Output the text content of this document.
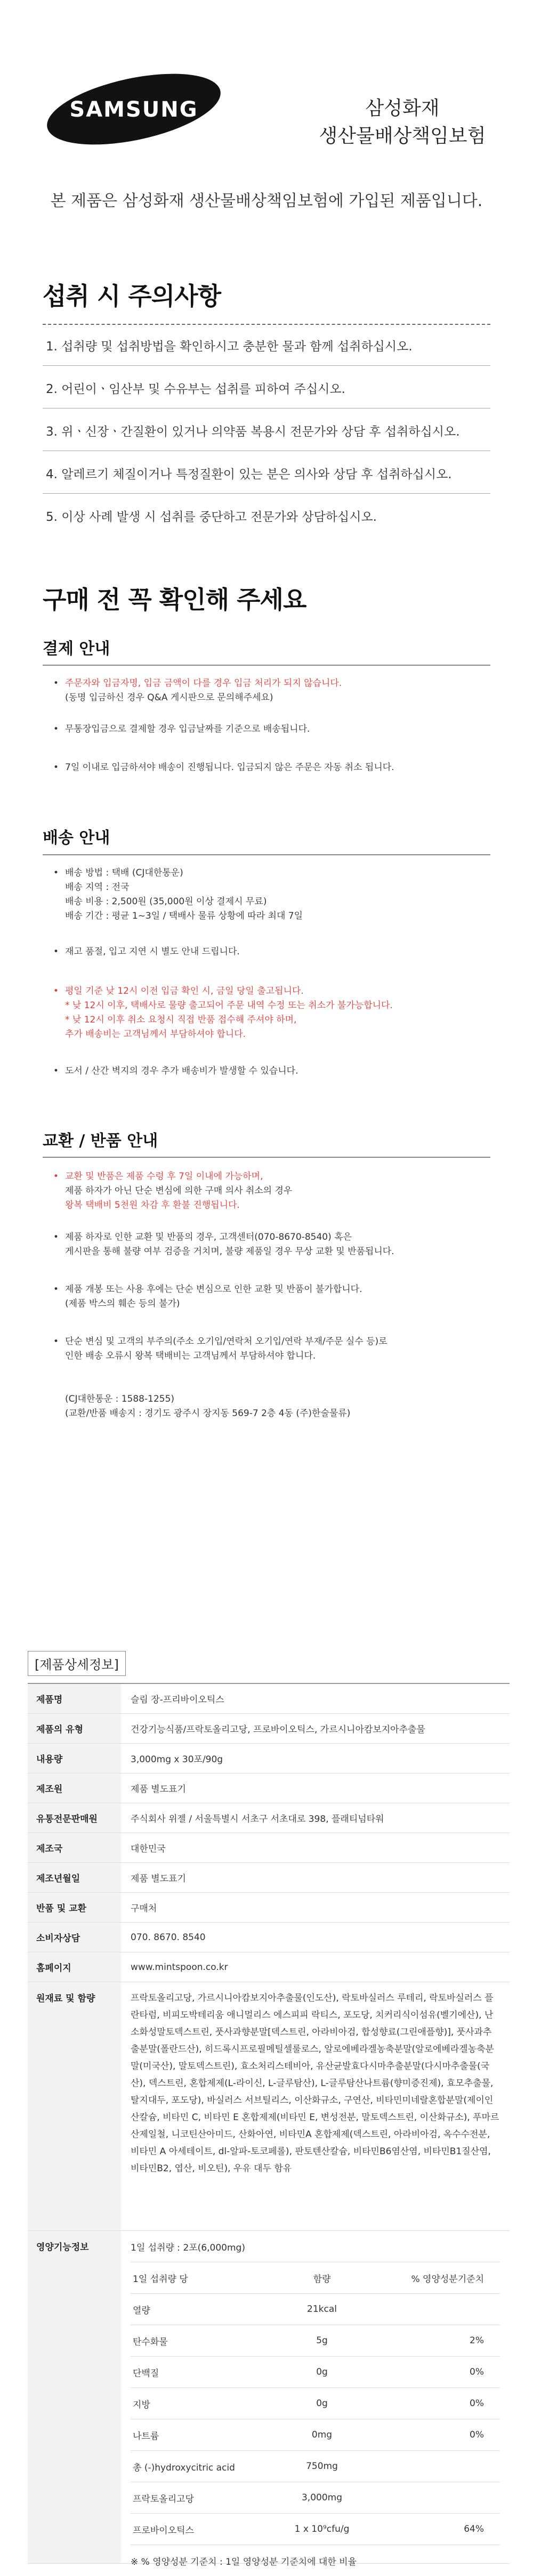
SAMSUNG	삼성화재
생산물배상책임보험
본 제품은 삼성화재 생산물배상책임보험에 가입된 제품입니다.
섭취 시 주의사항
1. 섭취량 및 섭취방법을 확인하시고 충분한 물과 함께 섭취하십시오.
2. 어린이ㆍ임산부 및 수유부는 섭취를 피하여 주십시오.
3. 위ㆍ신장ㆍ간질환이 있거나 의약품 복용시 전문가와 상담 후 섭취하십시오.
4. 알레르기 체질이거나 특정질환이 있는 분은 의사와 상담 후 섭취하십시오.
5. 이상 사례 발생 시 섭취를 중단하고 전문가와 상담하십시오.
구매 전 꼭 확인해 주세요
결제 안내
• 주문자와 입금자명, 입금 금액이 다를 경우 입금 처리가 되지 않습니다.
(동명 입금하신 경우 Q&A 게시판으로 문의해주세요)
• 무통장입금으로 결제할 경우 입금날짜를 기준으로 배송됩니다.
• 7일 이내로 입금하셔야 배송이 진행됩니다. 입금되지 않은 주문은 자동 취소 됩니다.
배송 안내
• 배송 방법 : 택배 (CJ대한통운)
배송 지역 : 전국
배송 비용 : 2,500원 (35,000원 이상 결제시 무료)
배송 기간 : 평균 1~3일 / 택배사 물류 상황에 따라 최대 7일
• 재고 품절, 입고 지연 시 별도 안내 드립니다.
• 평일 기준 낮 12시 이전 입금 확인 시, 금일 당일 출고됩니다.
* 낮 12시 이후, 택배사로 물량 출고되어 주문 내역 수정 또는 취소가 불가능합니다.
* 낮 12시 이후 취소 요청시 직접 반품 접수해 주셔야 하며,
추가 배송비는 고객님께서 부담하셔야 합니다.
• 도서 / 산간 벽지의 경우 추가 배송비가 발생할 수 있습니다.
교환 / 반품 안내
• 교환 및 반품은 제품 수령 후 7일 이내에 가능하며,
제품 하자가 아닌 단순 변심에 의한 구매 의사 취소의 경우
왕복 택배비 5천원 차감 후 환불 진행됩니다.
• 제품 하자로 인한 교환 및 반품의 경우, 고객센터(070-8670-8540) 혹은
게시판을 통해 불량 여부 검증을 거치며, 불량 제품일 경우 무상 교환 및 반품됩니다.
• 제품 개봉 또는 사용 후에는 단순 변심으로 인한 교환 및 반품이 불가합니다.
(제품 박스의 훼손 등의 불가)
• 단순 변심 및 고객의 부주의(주소 오기입/연락처 오기입/연락 부재/주문 실수 등)로
인한 배송 오류시 왕복 택배비는 고객님께서 부담하셔야 합니다.
(CJ대한통운 : 1588-1255)
(교환/반품 배송지 : 경기도 광주시 장지동 569-7 2층 4동 (주)한술물류)
[제품상세정보]
제품명	슬림 장-프리바이오틱스
제품의 유형	건강기능식품/프락토올리고당, 프로바이오틱스, 가르시니아캄보지아추출물
내용량	3,000mg x 30포/90g
제조원	제품 별도표기
유통전문판매원	주식회사 위젤 / 서울특별시 서초구 서초대로 398, 플래티넘타워
제조국	대한민국
제조년월일	제품 별도표기
반품 및 교환	구매처
소비자상담	070. 8670. 8540
홈페이지	www.mintspoon.co.kr
원재료 및 함량	프락토올리고당, 가르시니아캄보지아추출물(인도산), 락토바실러스 루테리, 락토바실러스 플란타럼, 비피도박테리움 애니멀리스 에스피피 락티스, 포도당, 치커리식이섬유(벨기에산), 난소화성말토덱스트린, 풋사과향분말[덱스트린, 아라비아검, 합성향료(그린애플향)], 풋사과추출분말(폴란드산), 히드록시프로필메틸셀룰로스, 알로에베라겔농축분말(알로에베라겔농축분말(미국산), 말토덱스트린), 효소처리스테비아, 유산균발효다시마추출분말(다시마추출물(국산), 덱스트린, 혼합제제(L-라이신, L-글루탐산), L-글루탐산나트륨(향미증진제), 효모추출물, 탈지대두, 포도당), 바실러스 서브틸리스, 이산화규소, 구연산, 비타민미네랄혼합분말(제이인산칼슘, 비타민 C, 비타민 E 혼합제제(비타민 E, 변성전분, 말토덱스트린, 이산화규소), 푸마르산제일철, 니코틴산아미드, 산화아연, 비타민A 혼합제제(덱스트린, 아라비아검, 옥수수전분, 비타민 A 아세테이트, dl-알파-토코페롤), 판토텐산칼슘, 비타민B6염산염, 비타민B1질산염, 비타민B2, 엽산, 비오틴), 우유 대두 함유
영양기능정보	1일 섭취량 : 2포(6,000mg)
1일 섭취량 당	함량	% 영양성분기준치
열량	21kcal
탄수화물	5g	2%
단백질	0g	0%
지방	0g	0%
나트륨	0mg	0%
총 (-)hydroxycitric acid	750mg
프락토올리고당	3,000mg
프로바이오틱스	1 x 10⁹cfu/g	64%
※ % 영양성분 기준치 : 1일 영양성분 기준치에 대한 비율
